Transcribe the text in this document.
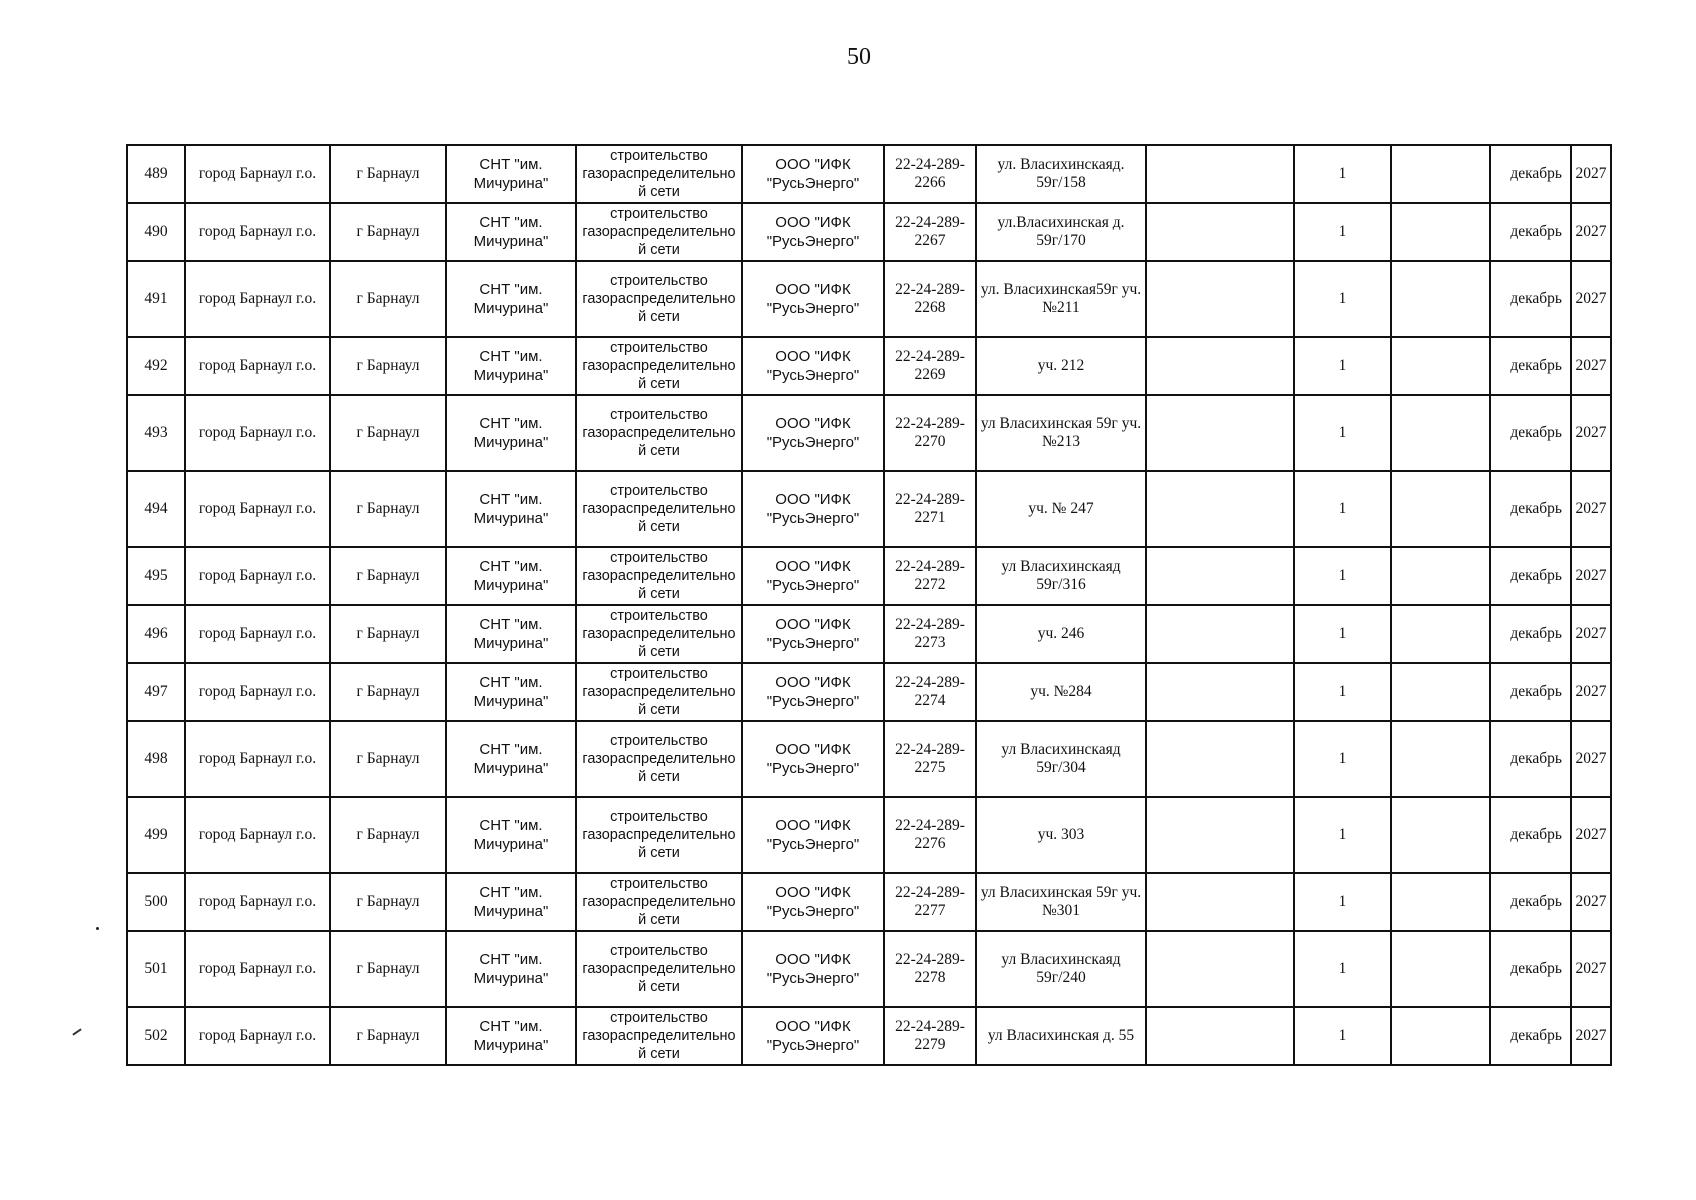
50
489	город Барнаул г.о.	г Барнаул	СНТ "им. Мичурина"	строительство
газораспределительно
й сети	ООО "ИФК "РусьЭнерго"	22-24-289-2266	ул. Власихинскаяд. 59г/158		1		декабрь	2027
490	город Барнаул г.о.	г Барнаул	СНТ "им. Мичурина"	строительство
газораспределительно
й сети	ООО "ИФК "РусьЭнерго"	22-24-289-2267	ул.Власихинская д. 59г/170		1		декабрь	2027
491	город Барнаул г.о.	г Барнаул	СНТ "им. Мичурина"	строительство
газораспределительно
й сети	ООО "ИФК "РусьЭнерго"	22-24-289-2268	ул. Власихинская59г уч. №211		1		декабрь	2027
492	город Барнаул г.о.	г Барнаул	СНТ "им. Мичурина"	строительство
газораспределительно
й сети	ООО "ИФК "РусьЭнерго"	22-24-289-2269	уч. 212		1		декабрь	2027
493	город Барнаул г.о.	г Барнаул	СНТ "им. Мичурина"	строительство
газораспределительно
й сети	ООО "ИФК "РусьЭнерго"	22-24-289-2270	ул Власихинская 59г уч. №213		1		декабрь	2027
494	город Барнаул г.о.	г Барнаул	СНТ "им. Мичурина"	строительство
газораспределительно
й сети	ООО "ИФК "РусьЭнерго"	22-24-289-2271	уч. № 247		1		декабрь	2027
495	город Барнаул г.о.	г Барнаул	СНТ "им. Мичурина"	строительство
газораспределительно
й сети	ООО "ИФК "РусьЭнерго"	22-24-289-2272	ул Власихинскаяд 59г/316		1		декабрь	2027
496	город Барнаул г.о.	г Барнаул	СНТ "им. Мичурина"	строительство
газораспределительно
й сети	ООО "ИФК "РусьЭнерго"	22-24-289-2273	уч. 246		1		декабрь	2027
497	город Барнаул г.о.	г Барнаул	СНТ "им. Мичурина"	строительство
газораспределительно
й сети	ООО "ИФК "РусьЭнерго"	22-24-289-2274	уч. №284		1		декабрь	2027
498	город Барнаул г.о.	г Барнаул	СНТ "им. Мичурина"	строительство
газораспределительно
й сети	ООО "ИФК "РусьЭнерго"	22-24-289-2275	ул Власихинскаяд 59г/304		1		декабрь	2027
499	город Барнаул г.о.	г Барнаул	СНТ "им. Мичурина"	строительство
газораспределительно
й сети	ООО "ИФК "РусьЭнерго"	22-24-289-2276	уч. 303		1		декабрь	2027
500	город Барнаул г.о.	г Барнаул	СНТ "им. Мичурина"	строительство
газораспределительно
й сети	ООО "ИФК "РусьЭнерго"	22-24-289-2277	ул Власихинская 59г уч. №301		1		декабрь	2027
501	город Барнаул г.о.	г Барнаул	СНТ "им. Мичурина"	строительство
газораспределительно
й сети	ООО "ИФК "РусьЭнерго"	22-24-289-2278	ул Власихинскаяд 59г/240		1		декабрь	2027
502	город Барнаул г.о.	г Барнаул	СНТ "им. Мичурина"	строительство
газораспределительно
й сети	ООО "ИФК "РусьЭнерго"	22-24-289-2279	ул Власихинская д. 55		1		декабрь	2027
